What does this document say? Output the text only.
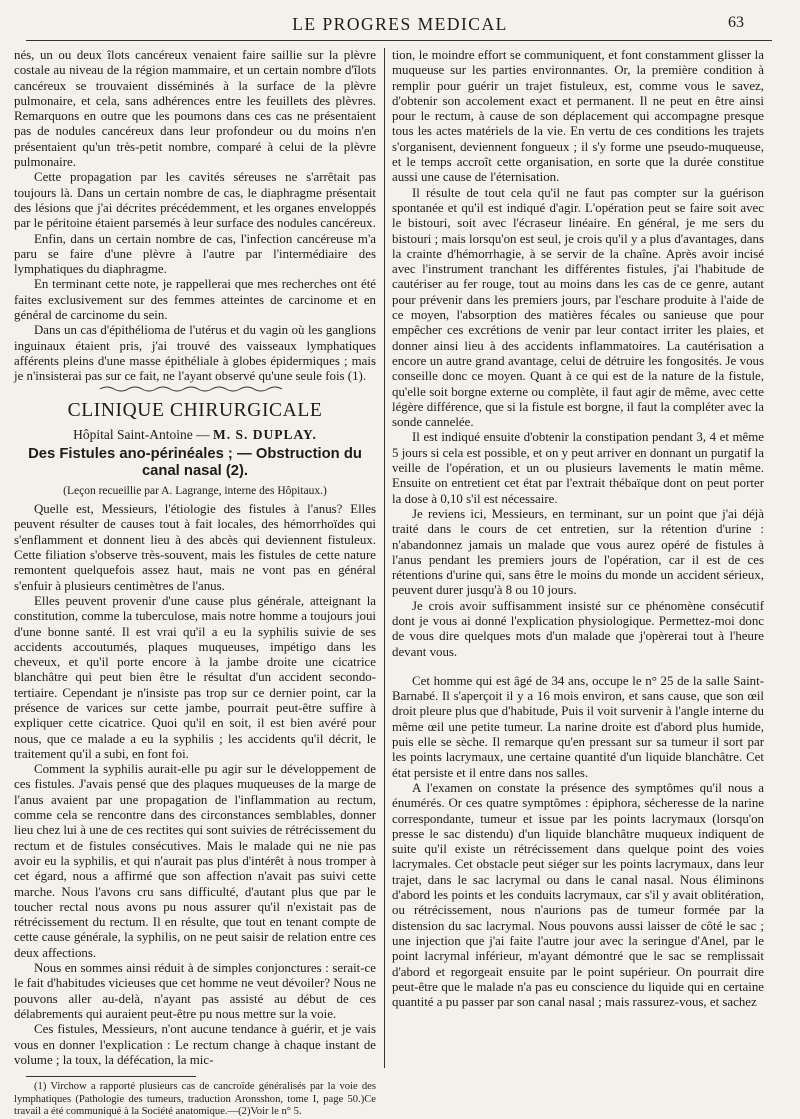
LE PROGRES MEDICAL	63

nés, un ou deux îlots cancéreux venaient faire saillie sur la plèvre costale au niveau de la région mammaire, et un certain nombre d'îlots cancéreux se trouvaient disséminés à la surface de la plèvre pulmonaire, et cela, sans adhérences entre les feuillets des plèvres. Remarquons en outre que les poumons dans ces cas ne présentaient pas de nodules cancéreux dans leur profondeur ou du moins n'en présentaient qu'un très-petit nombre, comparé à celui de la plèvre pulmonaire.

Cette propagation par les cavités séreuses ne s'arrêtait pas toujours là. Dans un certain nombre de cas, le diaphragme présentait des lésions que j'ai décrites précédemment, et les organes enveloppés par le péritoine étaient parsemés à leur surface des nodules cancéreux.

Enfin, dans un certain nombre de cas, l'infection cancéreuse m'a paru se faire d'une plèvre à l'autre par l'intermédiaire des lymphatiques du diaphragme.

En terminant cette note, je rappellerai que mes recherches ont été faites exclusivement sur des femmes atteintes de carcinome et en général de carcinome du sein.

Dans un cas d'épithélioma de l'utérus et du vagin où les ganglions inguinaux étaient pris, j'ai trouvé des vaisseaux lymphatiques afférents pleins d'une masse épithéliale à globes épidermiques ; mais je n'insisterai pas sur ce fait, ne l'ayant observé qu'une seule fois (1).

CLINIQUE CHIRURGICALE
Hôpital Saint-Antoine — M. S. DUPLAY.
Des Fistules ano-périnéales ; — Obstruction du canal nasal (2).
(Leçon recueillie par A. Lagrange, interne des Hôpitaux.)

Quelle est, Messieurs, l'étiologie des fistules à l'anus? Elles peuvent résulter de causes tout à fait locales, des hémorrhoïdes qui s'enflamment et donnent lieu à des abcès qui deviennent fistuleux. Cette filiation s'observe très-souvent, mais les fistules de cette nature remontent quelquefois assez haut, mais ne vont pas en général s'enfuir à plusieurs centimètres de l'anus.

Elles peuvent provenir d'une cause plus générale, atteignant la constitution, comme la tuberculose, mais notre homme a toujours joui d'une bonne santé. Il est vrai qu'il a eu la syphilis suivie de ses accidents accoutumés, plaques muqueuses, impétigo dans les cheveux, et qu'il porte encore à la jambe droite une cicatrice blanchâtre qui peut bien être le résultat d'un accident secondo-tertiaire. Cependant je n'insiste pas trop sur ce dernier point, car la présence de varices sur cette jambe, pourrait peut-être suffire à expliquer cette cicatrice. Quoi qu'il en soit, il est bien avéré pour nous, que ce malade a eu la syphilis ; les accidents qu'il décrit, le traitement qu'il a subi, en font foi.

Comment la syphilis aurait-elle pu agir sur le développement de ces fistules. J'avais pensé que des plaques muqueuses de la marge de l'anus avaient par une propagation de l'inflammation au rectum, comme cela se rencontre dans des circonstances semblables, donner lieu chez lui à une de ces rectites qui sont suivies de rétrécissement du rectum et de fistules consécutives. Mais le malade qui ne nie pas avoir eu la syphilis, et qui n'aurait pas plus d'intérêt à nous tromper à cet égard, nous a affirmé que son affection n'avait pas suivi cette marche. Nous l'avons cru sans difficulté, d'autant plus que par le toucher rectal nous avons pu nous assurer qu'il n'existait pas de rétrécissement du rectum. Il en résulte, que tout en tenant compte de cette cause générale, la syphilis, on ne peut saisir de relation entre ces deux affections.

Nous en sommes ainsi réduit à de simples conjonctures : serait-ce le fait d'habitudes vicieuses que cet homme ne veut dévoiler? Nous ne pouvons aller au-delà, n'ayant pas assisté au début de ces délabrements qui auraient peut-être pu nous mettre sur la voie.

Ces fistules, Messieurs, n'ont aucune tendance à guérir, et je vais vous en donner l'explication : Le rectum change à chaque instant de volume ; la toux, la défécation, la mic-

(1) Virchow a rapporté plusieurs cas de cancroïde généralisés par la voie des lymphatiques (Pathologie des tumeurs, traduction Aronsshon, tome I, page 50.)Ce travail a été communiqué à la Société anatomique.—(2)Voir le n° 5.

tion, le moindre effort se communiquent, et font constamment glisser la muqueuse sur les parties environnantes. Or, la première condition à remplir pour guérir un trajet fistuleux, est, comme vous le savez, d'obtenir son accolement exact et permanent. Il ne peut en être ainsi pour le rectum, à cause de son déplacement qui accompagne presque tous les actes matériels de la vie. En vertu de ces conditions les trajets s'organisent, deviennent fongueux ; il s'y forme une pseudo-muqueuse, et le temps accroît cette organisation, en sorte que la durée constitue aussi une cause de l'éternisation.

Il résulte de tout cela qu'il ne faut pas compter sur la guérison spontanée et qu'il est indiqué d'agir. L'opération peut se faire soit avec le bistouri, soit avec l'écraseur linéaire. En général, je me sers du bistouri ; mais lorsqu'on est seul, je crois qu'il y a plus d'avantages, dans la crainte d'hémorrhagie, à se servir de la chaîne. Après avoir incisé avec l'instrument tranchant les différentes fistules, j'ai l'habitude de cautériser au fer rouge, tout au moins dans les cas de ce genre, autant pour prévenir dans les premiers jours, par l'eschare produite à l'aide de ce moyen, l'absorption des matières fécales ou sanieuse que pour empêcher ces excrétions de venir par leur contact irriter les plaies, et donner ainsi lieu à des accidents inflammatoires. La cautérisation a encore un autre grand avantage, celui de détruire les fongosités. Je vous conseille donc ce moyen. Quant à ce qui est de la nature de la fistule, qu'elle soit borgne externe ou complète, il faut agir de même, avec cette légère différence, que si la fistule est borgne, il faut la compléter avec la sonde cannelée.

Il est indiqué ensuite d'obtenir la constipation pendant 3, 4 et même 5 jours si cela est possible, et on y peut arriver en donnant un purgatif la veille de l'opération, et un ou plusieurs lavements le matin même. Ensuite on entretient cet état par l'extrait thébaïque dont on peut porter la dose à 0,10 s'il est nécessaire.

Je reviens ici, Messieurs, en terminant, sur un point que j'ai déjà traité dans le cours de cet entretien, sur la rétention d'urine : n'abandonnez jamais un malade que vous aurez opéré de fistules à l'anus pendant les premiers jours de l'opération, car il est de ces rétentions d'urine qui, sans être le moins du monde un accident sérieux, peuvent durer jusqu'à 8 ou 10 jours.

Je crois avoir suffisamment insisté sur ce phénomène consécutif dont je vous ai donné l'explication physiologique. Permettez-moi donc de vous dire quelques mots d'un malade que j'opèrerai tout à l'heure devant vous.

Cet homme qui est âgé de 34 ans, occupe le n° 25 de la salle Saint-Barnabé. Il s'aperçoit il y a 16 mois environ, et sans cause, que son œil droit pleure plus que d'habitude, Puis il voit survenir à l'angle interne du même œil une petite tumeur. La narine droite est d'abord plus humide, puis elle se sèche. Il remarque qu'en pressant sur sa tumeur il sort par les points lacrymaux, une certaine quantité d'un liquide blanchâtre. Cet état persiste et il entre dans nos salles.

A l'examen on constate la présence des symptômes qu'il nous a énumérés. Or ces quatre symptômes : épiphora, sécheresse de la narine correspondante, tumeur et issue par les points lacrymaux (lorsqu'on presse le sac distendu) d'un liquide blanchâtre muqueux indiquent de suite qu'il existe un rétrécissement dans quelque point des voies lacrymales. Cet obstacle peut siéger sur les points lacrymaux, dans leur trajet, dans le sac lacrymal ou dans le canal nasal. Nous éliminons d'abord les points et les conduits lacrymaux, car s'il y avait oblitération, ou rétrécissement, nous n'aurions pas de tumeur formée par la distension du sac lacrymal. Nous pouvons aussi laisser de côté le sac ; une injection que j'ai faite l'autre jour avec la seringue d'Anel, par le point lacrymal inférieur, m'ayant démontré que le sac se remplissait d'abord et regorgeait ensuite par le point supérieur. On pourrait dire peut-être que le malade n'a pas eu conscience du liquide qui en certaine quantité a pu passer par son canal nasal ; mais rassurez-vous, et sachez
